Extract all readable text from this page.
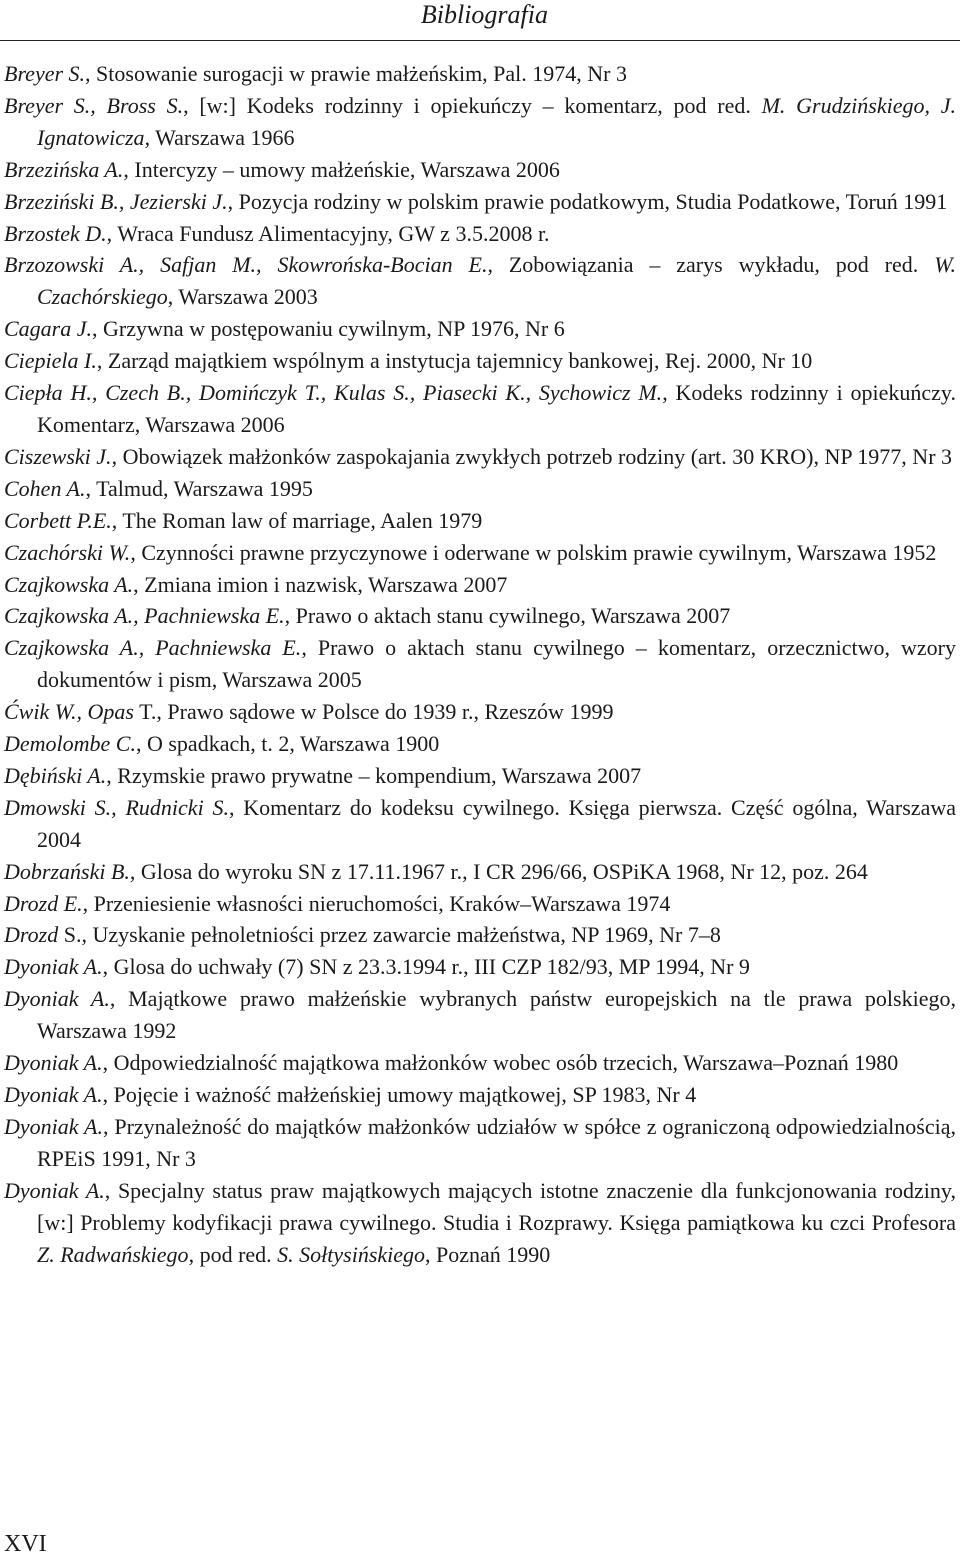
Bibliografia

Breyer S., Stosowanie surogacji w prawie małżeńskim, Pal. 1974, Nr 3

Breyer S., Bross S., [w:] Kodeks rodzinny i opiekuńczy – komentarz, pod red. M. Grudzińskiego, J. Ignatowicza, Warszawa 1966

Brzezińska A., Intercyzy – umowy małżeńskie, Warszawa 2006

Brzeziński B., Jezierski J., Pozycja rodziny w polskim prawie podatkowym, Studia Podatkowe, Toruń 1991

Brzostek D., Wraca Fundusz Alimentacyjny, GW z 3.5.2008 r.

Brzozowski A., Safjan M., Skowrońska-Bocian E., Zobowiązania – zarys wykładu, pod red. W. Czachórskiego, Warszawa 2003

Cagara J., Grzywna w postępowaniu cywilnym, NP 1976, Nr 6

Ciepiela I., Zarząd majątkiem wspólnym a instytucja tajemnicy bankowej, Rej. 2000, Nr 10

Ciepła H., Czech B., Domińczyk T., Kulas S., Piasecki K., Sychowicz M., Kodeks rodzinny i opiekuńczy. Komentarz, Warszawa 2006

Ciszewski J., Obowiązek małżonków zaspokajania zwykłych potrzeb rodziny (art. 30 KRO), NP 1977, Nr 3

Cohen A., Talmud, Warszawa 1995

Corbett P.E., The Roman law of marriage, Aalen 1979

Czachórski W., Czynności prawne przyczynowe i oderwane w polskim prawie cywilnym, Warszawa 1952

Czajkowska A., Zmiana imion i nazwisk, Warszawa 2007

Czajkowska A., Pachniewska E., Prawo o aktach stanu cywilnego, Warszawa 2007

Czajkowska A., Pachniewska E., Prawo o aktach stanu cywilnego – komentarz, orzecznictwo, wzory dokumentów i pism, Warszawa 2005

Ćwik W., Opas T., Prawo sądowe w Polsce do 1939 r., Rzeszów 1999

Demolombe C., O spadkach, t. 2, Warszawa 1900

Dębiński A., Rzymskie prawo prywatne – kompendium, Warszawa 2007

Dmowski S., Rudnicki S., Komentarz do kodeksu cywilnego. Księga pierwsza. Część ogólna, Warszawa 2004

Dobrzański B., Glosa do wyroku SN z 17.11.1967 r., I CR 296/66, OSPiKA 1968, Nr 12, poz. 264

Drozd E., Przeniesienie własności nieruchomości, Kraków–Warszawa 1974

Drozd S., Uzyskanie pełnoletniości przez zawarcie małżeństwa, NP 1969, Nr 7–8

Dyoniak A., Glosa do uchwały (7) SN z 23.3.1994 r., III CZP 182/93, MP 1994, Nr 9

Dyoniak A., Majątkowe prawo małżeńskie wybranych państw europejskich na tle prawa polskiego, Warszawa 1992

Dyoniak A., Odpowiedzialność majątkowa małżonków wobec osób trzecich, Warszawa–Poznań 1980

Dyoniak A., Pojęcie i ważność małżeńskiej umowy majątkowej, SP 1983, Nr 4

Dyoniak A., Przynależność do majątków małżonków udziałów w spółce z ograniczoną odpowiedzialnością, RPEiS 1991, Nr 3

Dyoniak A., Specjalny status praw majątkowych mających istotne znaczenie dla funkcjonowania rodziny, [w:] Problemy kodyfikacji prawa cywilnego. Studia i Rozprawy. Księga pamiątkowa ku czci Profesora Z. Radwańskiego, pod red. S. Sołtysińskiego, Poznań 1990

XVI
